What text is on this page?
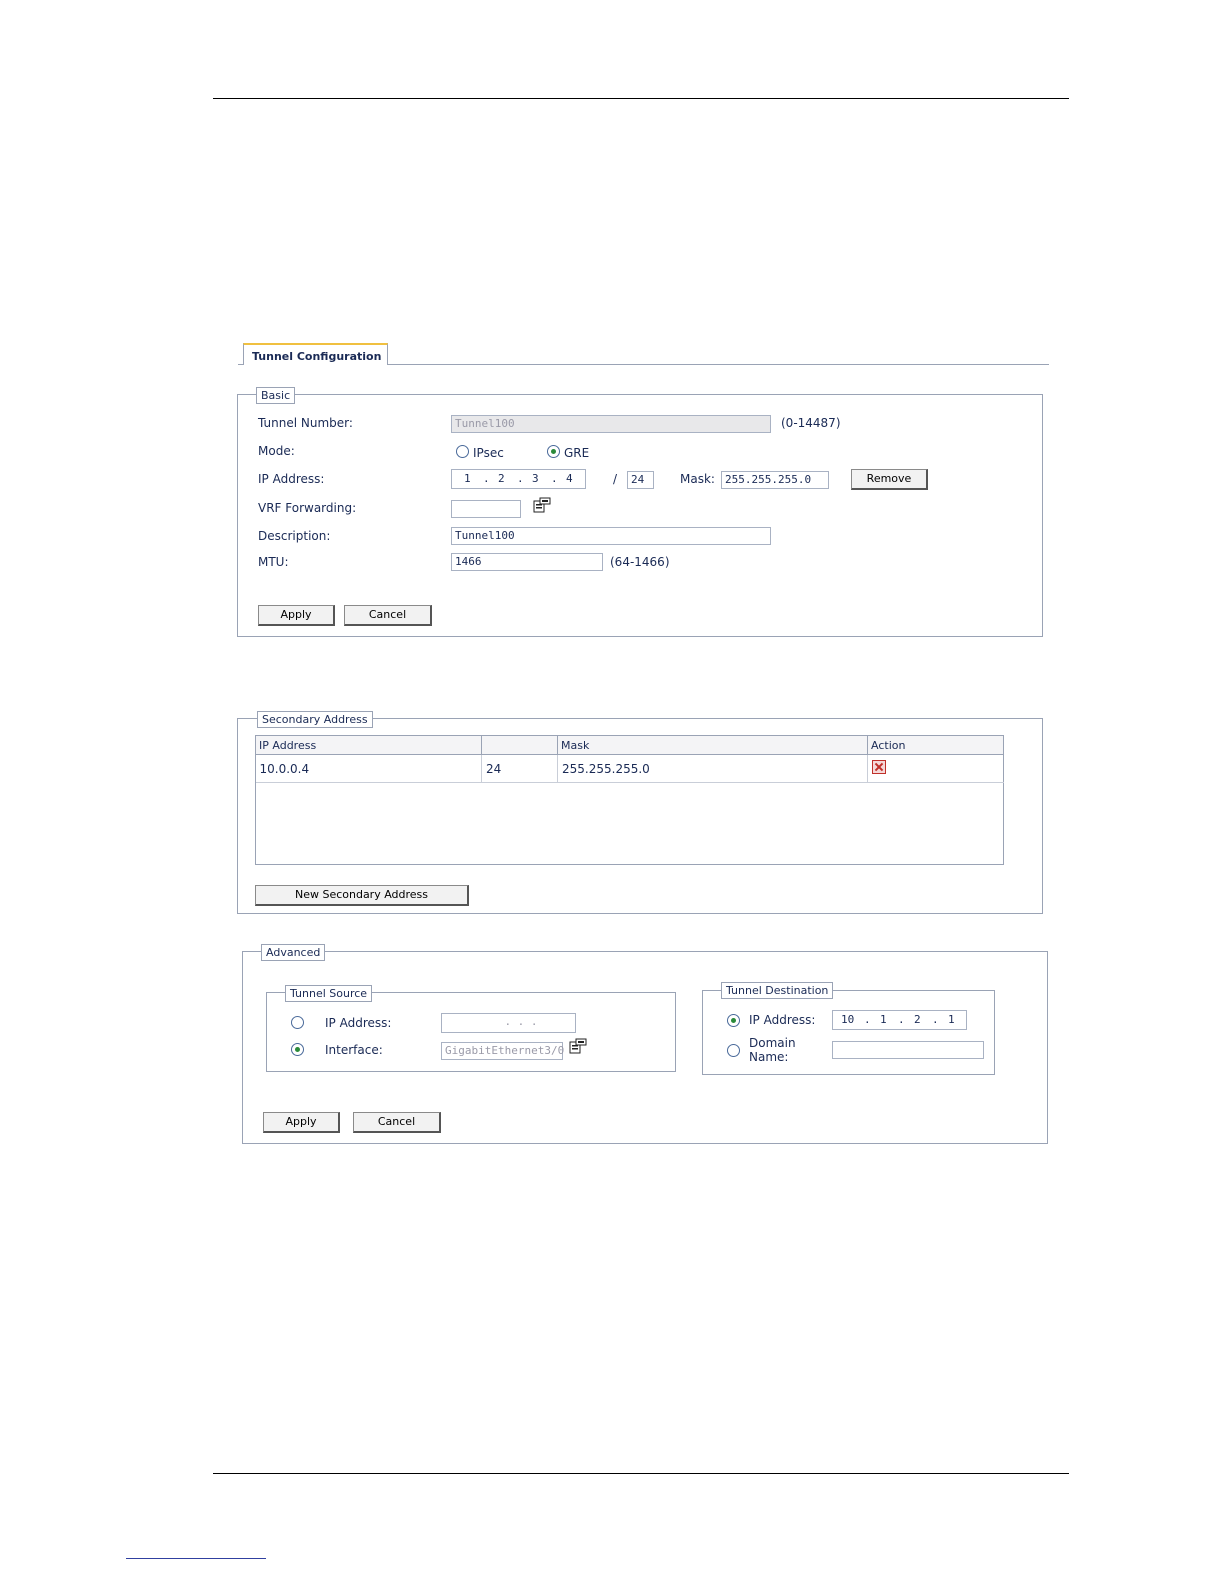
Tunnel Configuration
Basic
Tunnel Number:	Tunnel100	(0-14487)
Mode:	IPsec	GRE
IP Address:	1 . 2 . 3 . 4	/	24	Mask: 255.255.255.0	Remove
VRF Forwarding:
Description:	Tunnel100
MTU:	1466	(64-1466)
Apply	Cancel
Secondary Address
IP Address		Mask	Action
10.0.0.4	24	255.255.255.0	
New Secondary Address
Advanced
Tunnel Source
IP Address:	. . .
Interface:	GigabitEthernet3/0
Tunnel Destination
IP Address: 10 . 1 . 2 . 1
Domain
Name:
Apply	Cancel
